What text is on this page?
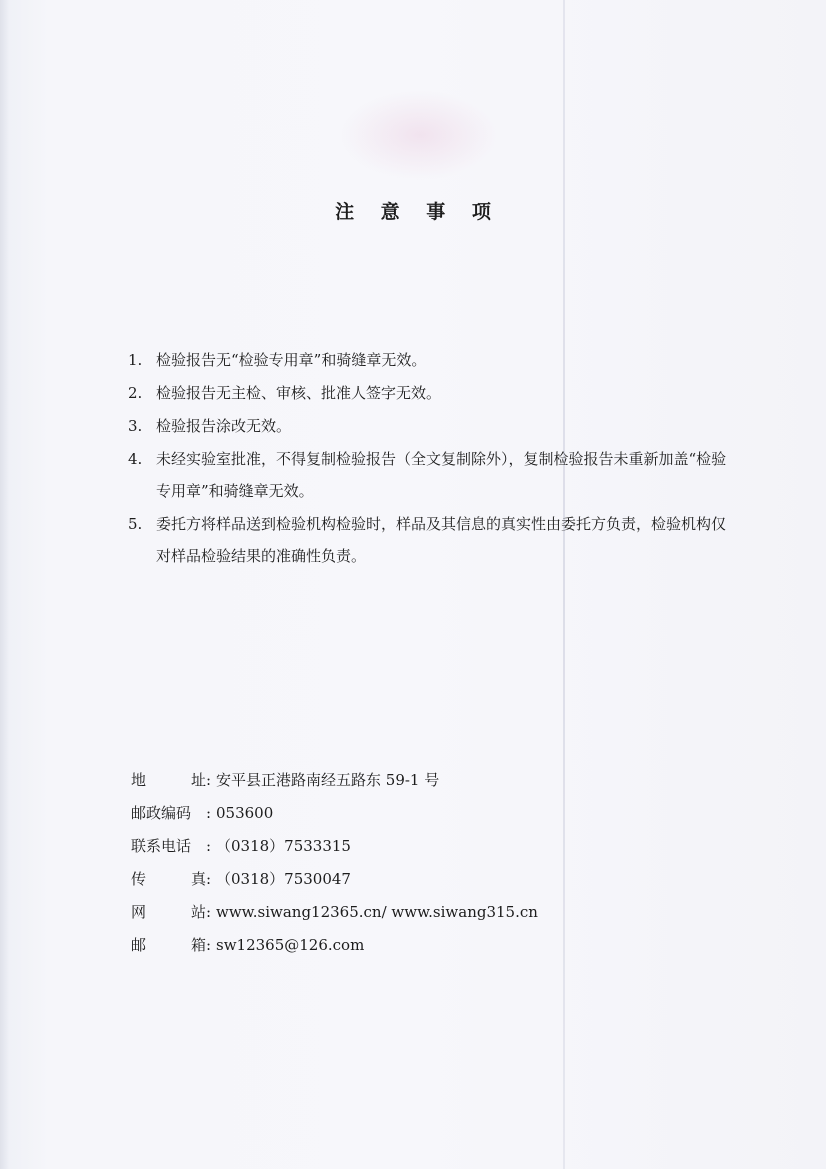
注 意 事 项
1. 检验报告无“检验专用章”和骑缝章无效。
2. 检验报告无主检、审核、批准人签字无效。
3. 检验报告涂改无效。
4. 未经实验室批准，不得复制检验报告（全文复制除外），复制检验报告未重新加盖“检验专用章”和骑缝章无效。
5. 委托方将样品送到检验机构检验时，样品及其信息的真实性由委托方负责，检验机构仅对样品检验结果的准确性负责。
地	址 : 安平县正港路南经五路东 59-1 号
邮政编码 : 053600
联系电话 : （0318）7533315
传	真 : （0318）7530047
网	站 : www.siwang12365.cn/ www.siwang315.cn
邮	箱 : sw12365@126.com
